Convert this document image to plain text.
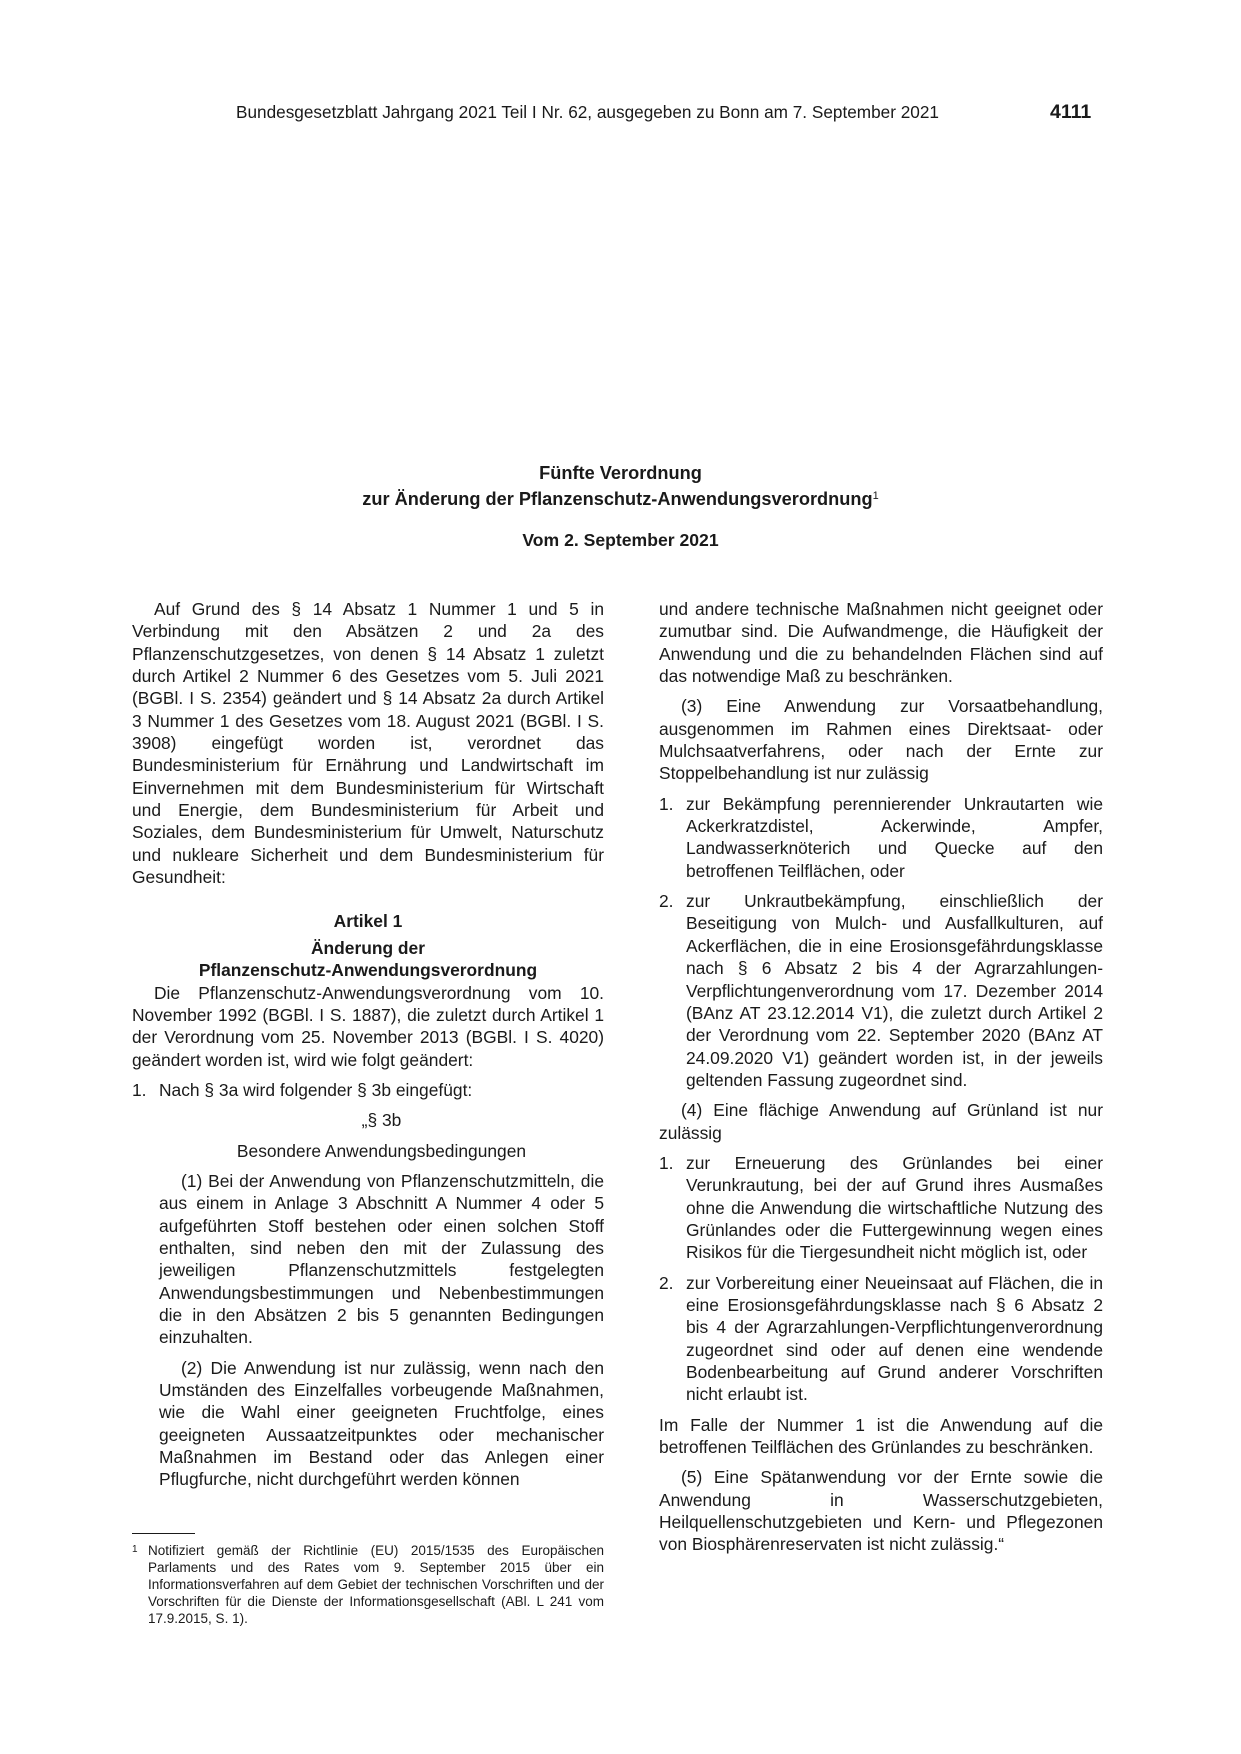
Bundesgesetzblatt Jahrgang 2021 Teil I Nr. 62, ausgegeben zu Bonn am 7. September 2021	4111
Fünfte Verordnung
zur Änderung der Pflanzenschutz-Anwendungsverordnung$^1$
Vom 2. September 2021

Auf Grund des § 14 Absatz 1 Nummer 1 und 5 in Verbindung mit den Absätzen 2 und 2a des Pflanzenschutzgesetzes, von denen § 14 Absatz 1 zuletzt durch Artikel 2 Nummer 6 des Gesetzes vom 5. Juli 2021 (BGBl. I S. 2354) geändert und § 14 Absatz 2a durch Artikel 3 Nummer 1 des Gesetzes vom 18. August 2021 (BGBl. I S. 3908) eingefügt worden ist, verordnet das Bundesministerium für Ernährung und Landwirtschaft im Einvernehmen mit dem Bundesministerium für Wirtschaft und Energie, dem Bundesministerium für Arbeit und Soziales, dem Bundesministerium für Umwelt, Naturschutz und nukleare Sicherheit und dem Bundesministerium für Gesundheit:

Artikel 1

Änderung der

Pflanzenschutz-Anwendungsverordnung

Die Pflanzenschutz-Anwendungsverordnung vom 10. November 1992 (BGBl. I S. 1887), die zuletzt durch Artikel 1 der Verordnung vom 25. November 2013 (BGBl. I S. 4020) geändert worden ist, wird wie folgt geändert:

1. Nach § 3a wird folgender § 3b eingefügt:

„§ 3b

Besondere Anwendungsbedingungen

(1) Bei der Anwendung von Pflanzenschutzmitteln, die aus einem in Anlage 3 Abschnitt A Nummer 4 oder 5 aufgeführten Stoff bestehen oder einen solchen Stoff enthalten, sind neben den mit der Zulassung des jeweiligen Pflanzenschutzmittels festgelegten Anwendungsbestimmungen und Nebenbestimmungen die in den Absätzen 2 bis 5 genannten Bedingungen einzuhalten.

(2) Die Anwendung ist nur zulässig, wenn nach den Umständen des Einzelfalles vorbeugende Maßnahmen, wie die Wahl einer geeigneten Fruchtfolge, eines geeigneten Aussaatzeitpunktes oder mechanischer Maßnahmen im Bestand oder das Anlegen einer Pflugfurche, nicht durchgeführt werden können

und andere technische Maßnahmen nicht geeignet oder zumutbar sind. Die Aufwandmenge, die Häufigkeit der Anwendung und die zu behandelnden Flächen sind auf das notwendige Maß zu beschränken.

(3) Eine Anwendung zur Vorsaatbehandlung, ausgenommen im Rahmen eines Direktsaat- oder Mulchsaatverfahrens, oder nach der Ernte zur Stoppelbehandlung ist nur zulässig

1. zur Bekämpfung perennierender Unkrautarten wie Ackerkratzdistel, Ackerwinde, Ampfer, Landwasserknöterich und Quecke auf den betroffenen Teilflächen, oder
2. zur Unkrautbekämpfung, einschließlich der Beseitigung von Mulch- und Ausfallkulturen, auf Ackerflächen, die in eine Erosionsgefährdungsklasse nach § 6 Absatz 2 bis 4 der Agrarzahlungen-Verpflichtungenverordnung vom 17. Dezember 2014 (BAnz AT 23.12.2014 V1), die zuletzt durch Artikel 2 der Verordnung vom 22. September 2020 (BAnz AT 24.09.2020 V1) geändert worden ist, in der jeweils geltenden Fassung zugeordnet sind.

(4) Eine flächige Anwendung auf Grünland ist nur zulässig

1. zur Erneuerung des Grünlandes bei einer Verunkrautung, bei der auf Grund ihres Ausmaßes ohne die Anwendung die wirtschaftliche Nutzung des Grünlandes oder die Futtergewinnung wegen eines Risikos für die Tiergesundheit nicht möglich ist, oder
2. zur Vorbereitung einer Neueinsaat auf Flächen, die in eine Erosionsgefährdungsklasse nach § 6 Absatz 2 bis 4 der Agrarzahlungen-Verpflichtungenverordnung zugeordnet sind oder auf denen eine wendende Bodenbearbeitung auf Grund anderer Vorschriften nicht erlaubt ist.

Im Falle der Nummer 1 ist die Anwendung auf die betroffenen Teilflächen des Grünlandes zu beschränken.

(5) Eine Spätanwendung vor der Ernte sowie die Anwendung in Wasserschutzgebieten, Heilquellenschutzgebieten und Kern- und Pflegezonen von Biosphärenreservaten ist nicht zulässig.“

1 Notifiziert gemäß der Richtlinie (EU) 2015/1535 des Europäischen Parlaments und des Rates vom 9. September 2015 über ein Informationsverfahren auf dem Gebiet der technischen Vorschriften und der Vorschriften für die Dienste der Informationsgesellschaft (ABl. L 241 vom 17.9.2015, S. 1).
